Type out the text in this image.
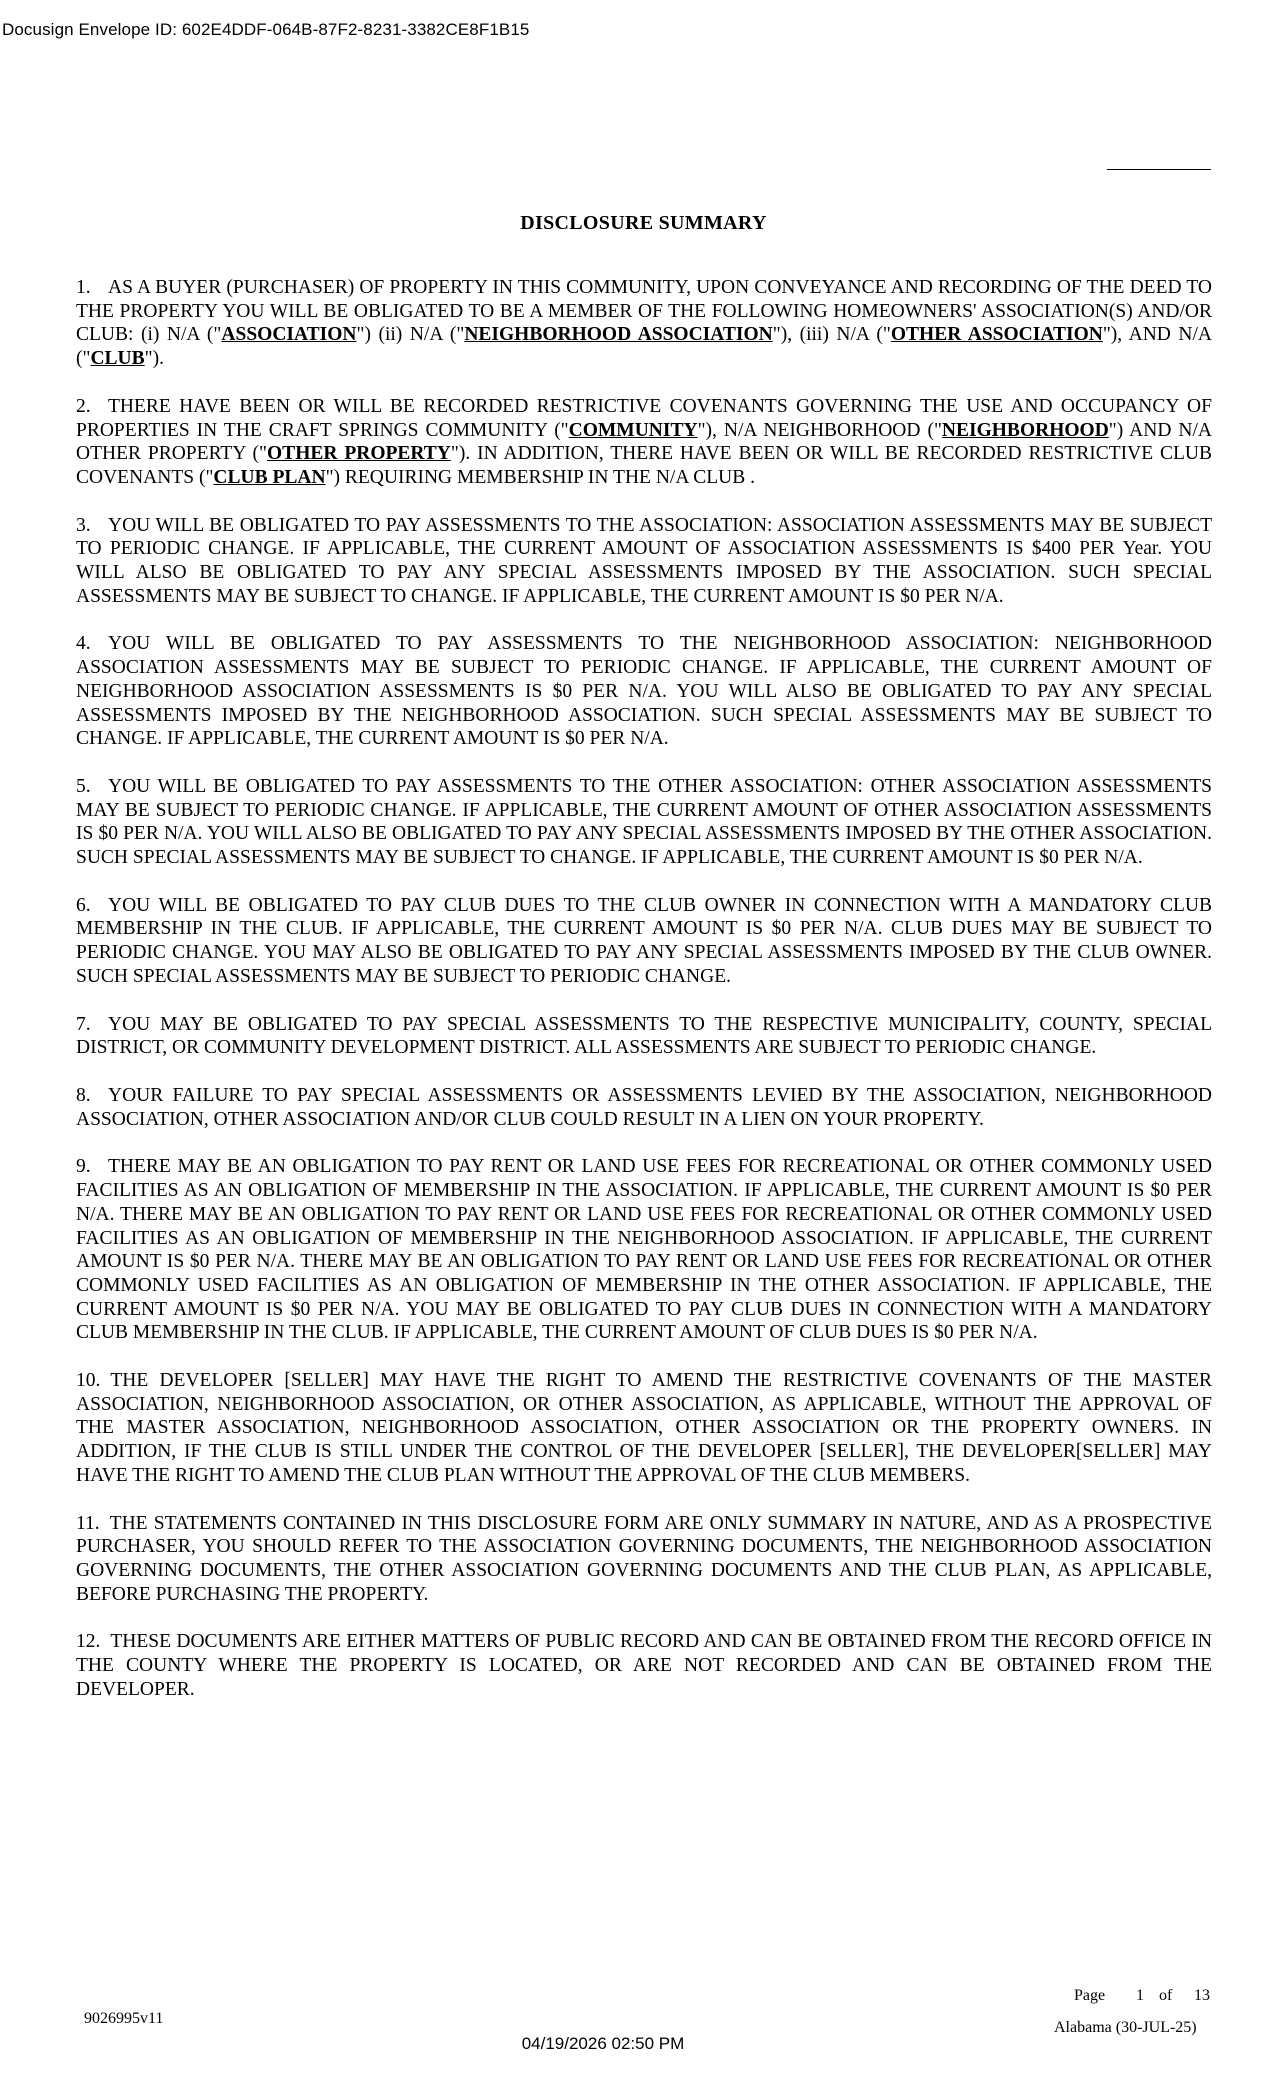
Docusign Envelope ID: 602E4DDF-064B-87F2-8231-3382CE8F1B15
DISCLOSURE SUMMARY

1. AS A BUYER (PURCHASER) OF PROPERTY IN THIS COMMUNITY, UPON CONVEYANCE AND RECORDING OF THE DEED TO THE PROPERTY YOU WILL BE OBLIGATED TO BE A MEMBER OF THE FOLLOWING HOMEOWNERS' ASSOCIATION(S) AND/OR CLUB: (i) N/A ("ASSOCIATION") (ii) N/A ("NEIGHBORHOOD ASSOCIATION"), (iii) N/A ("OTHER ASSOCIATION"), AND N/A ("CLUB").

2. THERE HAVE BEEN OR WILL BE RECORDED RESTRICTIVE COVENANTS GOVERNING THE USE AND OCCUPANCY OF PROPERTIES IN THE CRAFT SPRINGS COMMUNITY ("COMMUNITY"), N/A NEIGHBORHOOD ("NEIGHBORHOOD") AND N/A OTHER PROPERTY ("OTHER PROPERTY"). IN ADDITION, THERE HAVE BEEN OR WILL BE RECORDED RESTRICTIVE CLUB COVENANTS ("CLUB PLAN") REQUIRING MEMBERSHIP IN THE N/A CLUB .

3. YOU WILL BE OBLIGATED TO PAY ASSESSMENTS TO THE ASSOCIATION: ASSOCIATION ASSESSMENTS MAY BE SUBJECT TO PERIODIC CHANGE. IF APPLICABLE, THE CURRENT AMOUNT OF ASSOCIATION ASSESSMENTS IS $400 PER Year. YOU WILL ALSO BE OBLIGATED TO PAY ANY SPECIAL ASSESSMENTS IMPOSED BY THE ASSOCIATION. SUCH SPECIAL ASSESSMENTS MAY BE SUBJECT TO CHANGE. IF APPLICABLE, THE CURRENT AMOUNT IS $0 PER N/A.

4. YOU WILL BE OBLIGATED TO PAY ASSESSMENTS TO THE NEIGHBORHOOD ASSOCIATION: NEIGHBORHOOD ASSOCIATION ASSESSMENTS MAY BE SUBJECT TO PERIODIC CHANGE. IF APPLICABLE, THE CURRENT AMOUNT OF NEIGHBORHOOD ASSOCIATION ASSESSMENTS IS $0 PER N/A. YOU WILL ALSO BE OBLIGATED TO PAY ANY SPECIAL ASSESSMENTS IMPOSED BY THE NEIGHBORHOOD ASSOCIATION. SUCH SPECIAL ASSESSMENTS MAY BE SUBJECT TO CHANGE. IF APPLICABLE, THE CURRENT AMOUNT IS $0 PER N/A.

5. YOU WILL BE OBLIGATED TO PAY ASSESSMENTS TO THE OTHER ASSOCIATION: OTHER ASSOCIATION ASSESSMENTS MAY BE SUBJECT TO PERIODIC CHANGE. IF APPLICABLE, THE CURRENT AMOUNT OF OTHER ASSOCIATION ASSESSMENTS IS $0 PER N/A. YOU WILL ALSO BE OBLIGATED TO PAY ANY SPECIAL ASSESSMENTS IMPOSED BY THE OTHER ASSOCIATION. SUCH SPECIAL ASSESSMENTS MAY BE SUBJECT TO CHANGE. IF APPLICABLE, THE CURRENT AMOUNT IS $0 PER N/A.

6. YOU WILL BE OBLIGATED TO PAY CLUB DUES TO THE CLUB OWNER IN CONNECTION WITH A MANDATORY CLUB MEMBERSHIP IN THE CLUB. IF APPLICABLE, THE CURRENT AMOUNT IS $0 PER N/A. CLUB DUES MAY BE SUBJECT TO PERIODIC CHANGE. YOU MAY ALSO BE OBLIGATED TO PAY ANY SPECIAL ASSESSMENTS IMPOSED BY THE CLUB OWNER. SUCH SPECIAL ASSESSMENTS MAY BE SUBJECT TO PERIODIC CHANGE.

7. YOU MAY BE OBLIGATED TO PAY SPECIAL ASSESSMENTS TO THE RESPECTIVE MUNICIPALITY, COUNTY, SPECIAL DISTRICT, OR COMMUNITY DEVELOPMENT DISTRICT. ALL ASSESSMENTS ARE SUBJECT TO PERIODIC CHANGE.

8. YOUR FAILURE TO PAY SPECIAL ASSESSMENTS OR ASSESSMENTS LEVIED BY THE ASSOCIATION, NEIGHBORHOOD ASSOCIATION, OTHER ASSOCIATION AND/OR CLUB COULD RESULT IN A LIEN ON YOUR PROPERTY.

9. THERE MAY BE AN OBLIGATION TO PAY RENT OR LAND USE FEES FOR RECREATIONAL OR OTHER COMMONLY USED FACILITIES AS AN OBLIGATION OF MEMBERSHIP IN THE ASSOCIATION. IF APPLICABLE, THE CURRENT AMOUNT IS $0 PER N/A. THERE MAY BE AN OBLIGATION TO PAY RENT OR LAND USE FEES FOR RECREATIONAL OR OTHER COMMONLY USED FACILITIES AS AN OBLIGATION OF MEMBERSHIP IN THE NEIGHBORHOOD ASSOCIATION. IF APPLICABLE, THE CURRENT AMOUNT IS $0 PER N/A. THERE MAY BE AN OBLIGATION TO PAY RENT OR LAND USE FEES FOR RECREATIONAL OR OTHER COMMONLY USED FACILITIES AS AN OBLIGATION OF MEMBERSHIP IN THE OTHER ASSOCIATION. IF APPLICABLE, THE CURRENT AMOUNT IS $0 PER N/A. YOU MAY BE OBLIGATED TO PAY CLUB DUES IN CONNECTION WITH A MANDATORY CLUB MEMBERSHIP IN THE CLUB. IF APPLICABLE, THE CURRENT AMOUNT OF CLUB DUES IS $0 PER N/A.

10. THE DEVELOPER [SELLER] MAY HAVE THE RIGHT TO AMEND THE RESTRICTIVE COVENANTS OF THE MASTER ASSOCIATION, NEIGHBORHOOD ASSOCIATION, OR OTHER ASSOCIATION, AS APPLICABLE, WITHOUT THE APPROVAL OF THE MASTER ASSOCIATION, NEIGHBORHOOD ASSOCIATION, OTHER ASSOCIATION OR THE PROPERTY OWNERS. IN ADDITION, IF THE CLUB IS STILL UNDER THE CONTROL OF THE DEVELOPER [SELLER], THE DEVELOPER[SELLER] MAY HAVE THE RIGHT TO AMEND THE CLUB PLAN WITHOUT THE APPROVAL OF THE CLUB MEMBERS.

11. THE STATEMENTS CONTAINED IN THIS DISCLOSURE FORM ARE ONLY SUMMARY IN NATURE, AND AS A PROSPECTIVE PURCHASER, YOU SHOULD REFER TO THE ASSOCIATION GOVERNING DOCUMENTS, THE NEIGHBORHOOD ASSOCIATION GOVERNING DOCUMENTS, THE OTHER ASSOCIATION GOVERNING DOCUMENTS AND THE CLUB PLAN, AS APPLICABLE, BEFORE PURCHASING THE PROPERTY.

12. THESE DOCUMENTS ARE EITHER MATTERS OF PUBLIC RECORD AND CAN BE OBTAINED FROM THE RECORD OFFICE IN THE COUNTY WHERE THE PROPERTY IS LOCATED, OR ARE NOT RECORDED AND CAN BE OBTAINED FROM THE DEVELOPER.

Page 1 of 13
9026995v11
Alabama (30-JUL-25)
04/19/2026 02:50 PM
